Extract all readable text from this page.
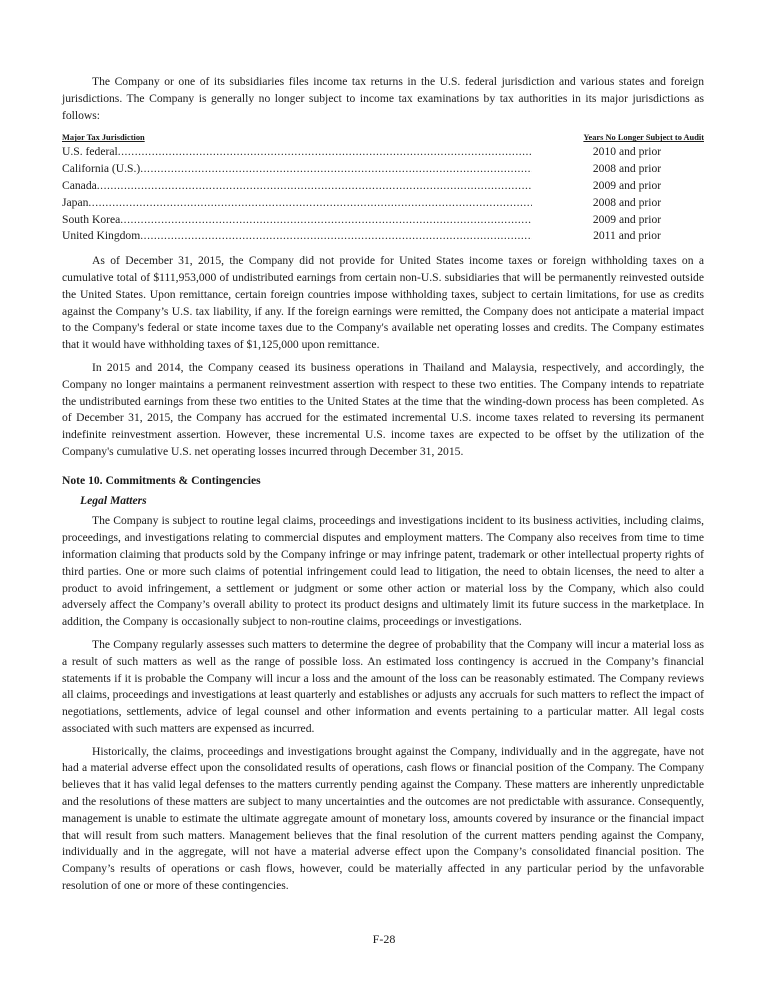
The Company or one of its subsidiaries files income tax returns in the U.S. federal jurisdiction and various states and foreign jurisdictions. The Company is generally no longer subject to income tax examinations by tax authorities in its major jurisdictions as follows:

Major Tax Jurisdiction	Years No Longer Subject to Audit
U.S. federal .....	2010 and prior
California (U.S.) .....	2008 and prior
Canada .....	2009 and prior
Japan .....	2008 and prior
South Korea .....	2009 and prior
United Kingdom .....	2011 and prior

As of December 31, 2015, the Company did not provide for United States income taxes or foreign withholding taxes on a cumulative total of $111,953,000 of undistributed earnings from certain non-U.S. subsidiaries that will be permanently reinvested outside the United States. Upon remittance, certain foreign countries impose withholding taxes, subject to certain limitations, for use as credits against the Company’s U.S. tax liability, if any. If the foreign earnings were remitted, the Company does not anticipate a material impact to the Company's federal or state income taxes due to the Company's available net operating losses and credits. The Company estimates that it would have withholding taxes of $1,125,000 upon remittance.

In 2015 and 2014, the Company ceased its business operations in Thailand and Malaysia, respectively, and accordingly, the Company no longer maintains a permanent reinvestment assertion with respect to these two entities. The Company intends to repatriate the undistributed earnings from these two entities to the United States at the time that the winding-down process has been completed. As of December 31, 2015, the Company has accrued for the estimated incremental U.S. income taxes related to reversing its permanent indefinite reinvestment assertion. However, these incremental U.S. income taxes are expected to be offset by the utilization of the Company's cumulative U.S. net operating losses incurred through December 31, 2015.

Note 10. Commitments & Contingencies
Legal Matters

The Company is subject to routine legal claims, proceedings and investigations incident to its business activities, including claims, proceedings, and investigations relating to commercial disputes and employment matters. The Company also receives from time to time information claiming that products sold by the Company infringe or may infringe patent, trademark or other intellectual property rights of third parties. One or more such claims of potential infringement could lead to litigation, the need to obtain licenses, the need to alter a product to avoid infringement, a settlement or judgment or some other action or material loss by the Company, which also could adversely affect the Company’s overall ability to protect its product designs and ultimately limit its future success in the marketplace. In addition, the Company is occasionally subject to non-routine claims, proceedings or investigations.

The Company regularly assesses such matters to determine the degree of probability that the Company will incur a material loss as a result of such matters as well as the range of possible loss. An estimated loss contingency is accrued in the Company’s financial statements if it is probable the Company will incur a loss and the amount of the loss can be reasonably estimated. The Company reviews all claims, proceedings and investigations at least quarterly and establishes or adjusts any accruals for such matters to reflect the impact of negotiations, settlements, advice of legal counsel and other information and events pertaining to a particular matter. All legal costs associated with such matters are expensed as incurred.

Historically, the claims, proceedings and investigations brought against the Company, individually and in the aggregate, have not had a material adverse effect upon the consolidated results of operations, cash flows or financial position of the Company. The Company believes that it has valid legal defenses to the matters currently pending against the Company. These matters are inherently unpredictable and the resolutions of these matters are subject to many uncertainties and the outcomes are not predictable with assurance. Consequently, management is unable to estimate the ultimate aggregate amount of monetary loss, amounts covered by insurance or the financial impact that will result from such matters. Management believes that the final resolution of the current matters pending against the Company, individually and in the aggregate, will not have a material adverse effect upon the Company’s consolidated financial position. The Company’s results of operations or cash flows, however, could be materially affected in any particular period by the unfavorable resolution of one or more of these contingencies.

F-28
